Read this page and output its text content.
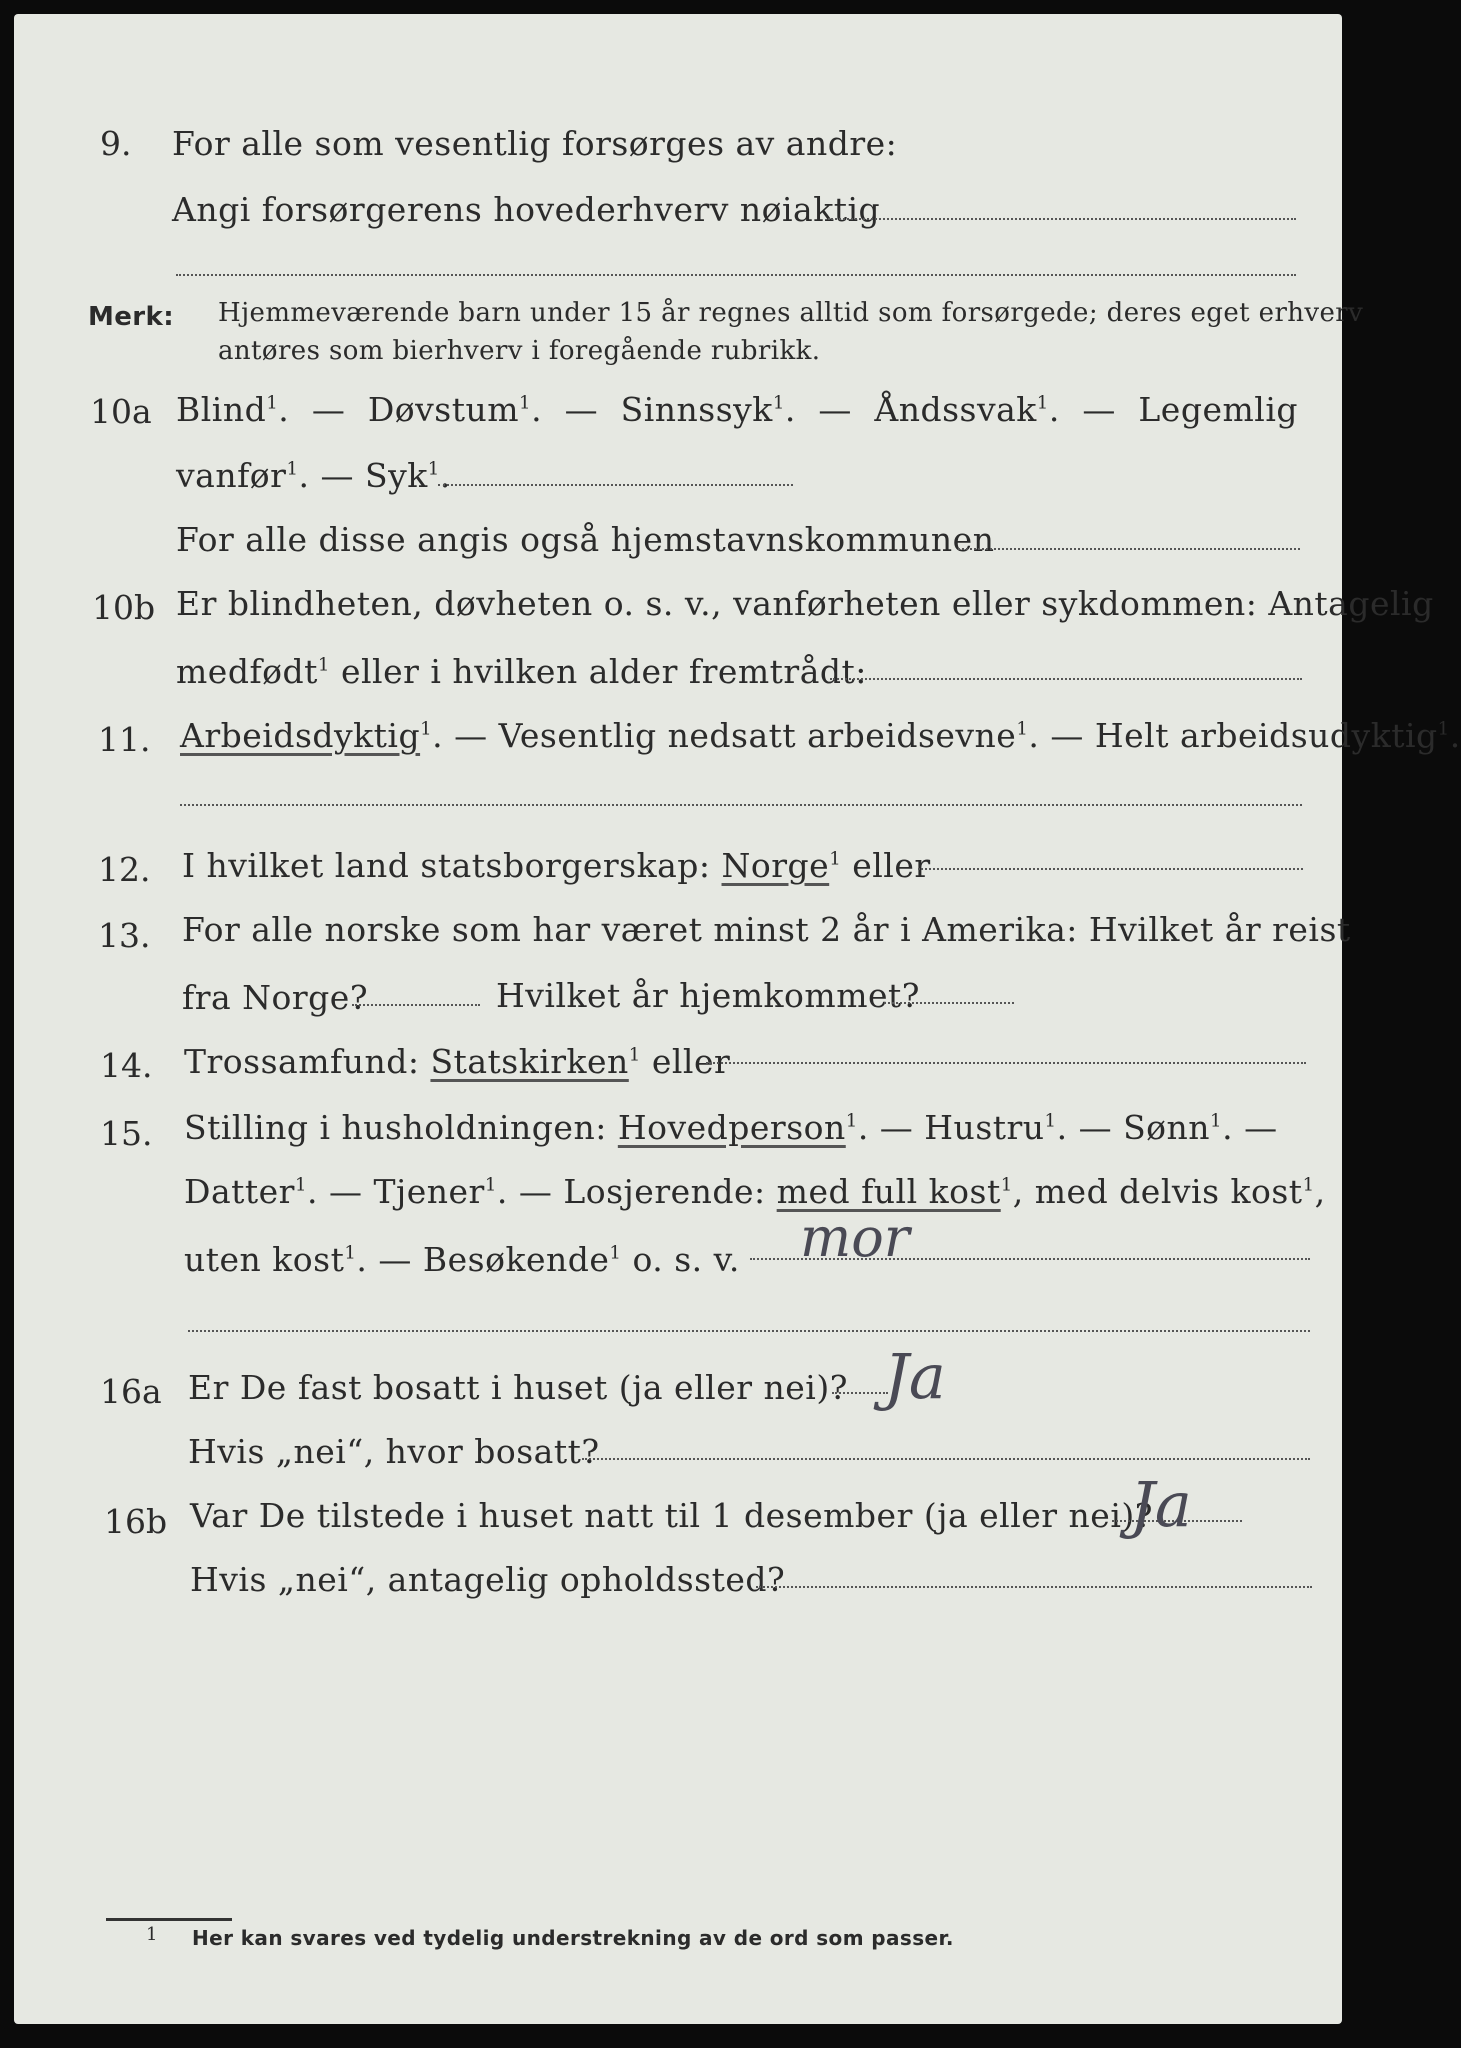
9. For alle som vesentlig forsørges av andre:
Angi forsørgerens hovederhverv nøiaktig
Merk: Hjemmeværende barn under 15 år regnes alltid som forsørgede; deres eget erhverv
antøres som bierhverv i foregående rubrikk.
10a Blind$^1$. — Døvstum$^1$. — Sinnssyk$^1$. — Åndssvak$^1$. — Legemlig
vanfør$^1$. — Syk$^1$.
For alle disse angis også hjemstavnskommunen
10b Er blindheten, døvheten o. s. v., vanførheten eller sykdommen: Antagelig
medfødt$^1$ eller i hvilken alder fremtrådt:
11. Arbeidsdyktig$^1$. — Vesentlig nedsatt arbeidsevne$^1$. — Helt arbeidsudyktig$^1$.
12. I hvilket land statsborgerskap: Norge$^1$ eller
13. For alle norske som har været minst 2 år i Amerika: Hvilket år reist
fra Norge?	Hvilket år hjemkommet?
14. Trossamfund: Statskirken$^1$ eller
15. Stilling i husholdningen: Hovedperson$^1$. — Hustru$^1$. — Sønn$^1$. —
Datter$^1$. — Tjener$^1$. — Losjerende: med full kost$^1$, med delvis kost$^1$,
uten kost$^1$. — Besøkende$^1$ o. s. v. mor
16a Er De fast bosatt i huset (ja eller nei)? Ja
Hvis „nei“, hvor bosatt?
16b Var De tilstede i huset natt til 1 desember (ja eller nei)?
Ja
Hvis „nei“, antagelig opholdssted?
1 Her kan svares ved tydelig understrekning av de ord som passer.
